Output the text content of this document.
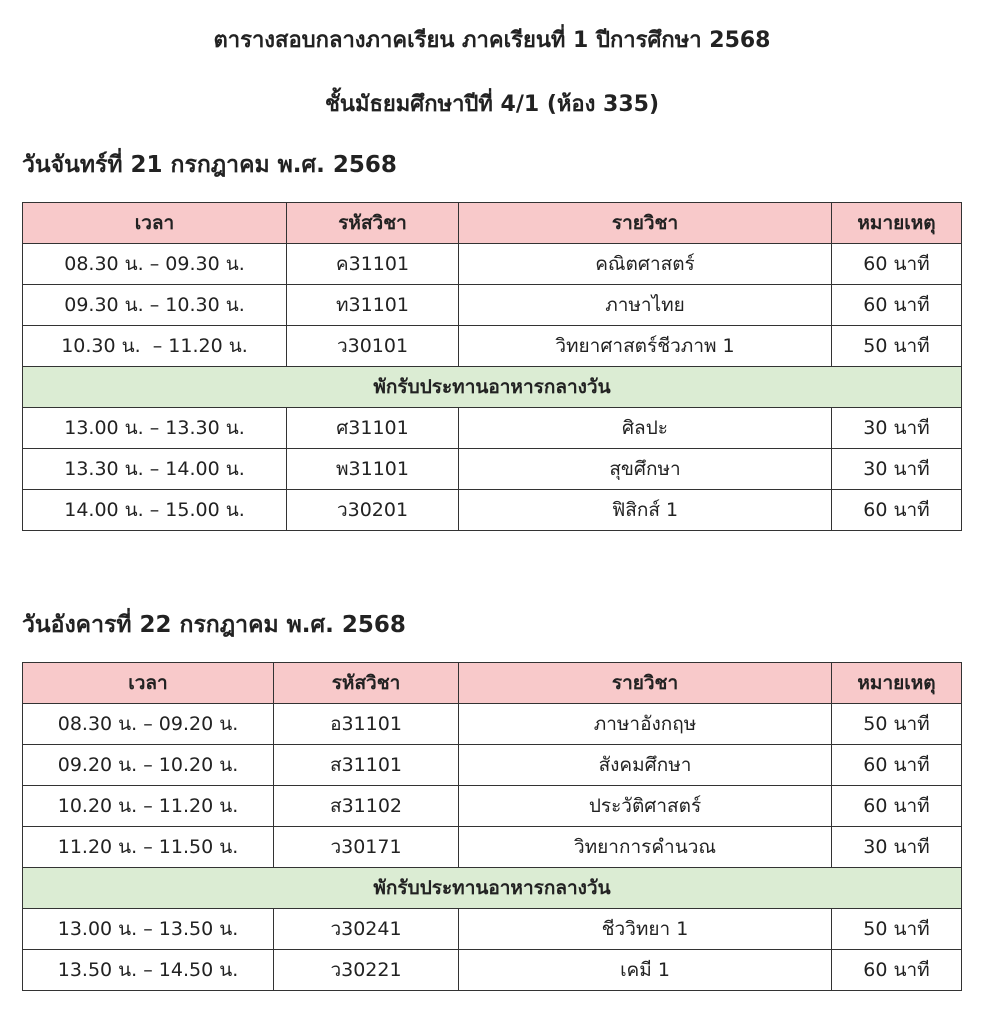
ตารางสอบกลางภาคเรียน ภาคเรียนที่ 1 ปีการศึกษา 2568
ชั้นมัธยมศึกษาปีที่ 4/1 (ห้อง 335)
วันจันทร์ที่ 21 กรกฎาคม พ.ศ. 2568
เวลา	รหัสวิชา	รายวิชา	หมายเหตุ
08.30 น. – 09.30 น.	ค31101	คณิตศาสตร์	60 นาที
09.30 น. – 10.30 น.	ท31101	ภาษาไทย	60 นาที
10.30 น.  – 11.20 น.	ว30101	วิทยาศาสตร์ชีวภาพ 1	50 นาที
พักรับประทานอาหารกลางวัน			
13.00 น. – 13.30 น.	ศ31101	ศิลปะ	30 นาที
13.30 น. – 14.00 น.	พ31101	สุขศึกษา	30 นาที
14.00 น. – 15.00 น.	ว30201	ฟิสิกส์ 1	60 นาที
วันอังคารที่ 22 กรกฎาคม พ.ศ. 2568
เวลา	รหัสวิชา	รายวิชา	หมายเหตุ
08.30 น. – 09.20 น.	อ31101	ภาษาอังกฤษ	50 นาที
09.20 น. – 10.20 น.	ส31101	สังคมศึกษา	60 นาที
10.20 น. – 11.20 น.	ส31102	ประวัติศาสตร์	60 นาที
11.20 น. – 11.50 น.	ว30171	วิทยาการคำนวณ	30 นาที
พักรับประทานอาหารกลางวัน			
13.00 น. – 13.50 น.	ว30241	ชีววิทยา 1	50 นาที
13.50 น. – 14.50 น.	ว30221	เคมี 1	60 นาที
